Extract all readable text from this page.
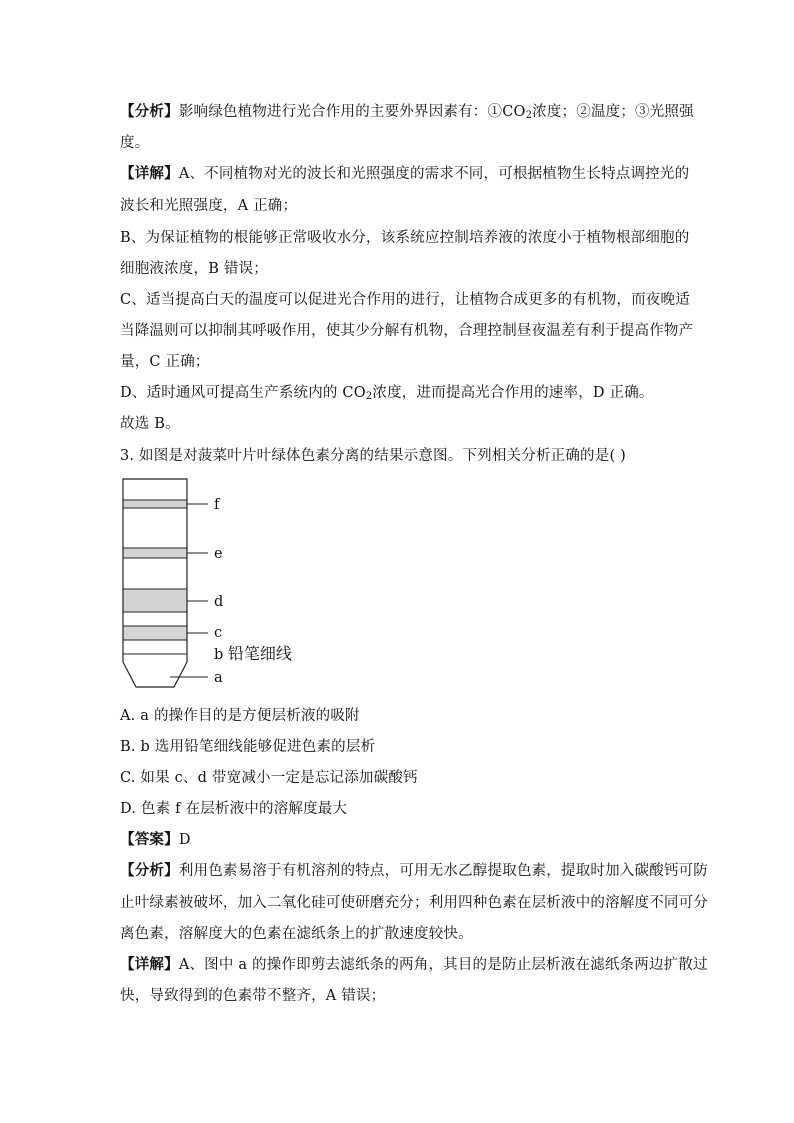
【分析】影响绿色植物进行光合作用的主要外界因素有：$①CO_2$浓度；②温度；③光照强
度。
【详解】A、不同植物对光的波长和光照强度的需求不同，可根据植物生长特点调控光的
波长和光照强度，A 正确；
B、为保证植物的根能够正常吸收水分，该系统应控制培养液的浓度小于植物根部细胞的
细胞液浓度，B 错误；
C、适当提高白天的温度可以促进光合作用的进行，让植物合成更多的有机物，而夜晚适
当降温则可以抑制其呼吸作用，使其少分解有机物，合理控制昼夜温差有利于提高作物产
量，C 正确；
D、适时通风可提高生产系统内的 $CO_2$浓度，进而提高光合作用的速率，D 正确。
故选 B。
3. 如图是对菠菜叶片叶绿体色素分离的结果示意图。下列相关分析正确的是( )
f
e
d
c
b 铅笔细线
a
A. a 的操作目的是方便层析液的吸附
B. b 选用铅笔细线能够促进色素的层析
C. 如果 c、d 带宽减小一定是忘记添加碳酸钙
D. 色素 f 在层析液中的溶解度最大
【答案】D
【分析】利用色素易溶于有机溶剂的特点，可用无水乙醇提取色素，提取时加入碳酸钙可防
止叶绿素被破坏，加入二氧化硅可使研磨充分；利用四种色素在层析液中的溶解度不同可分
离色素，溶解度大的色素在滤纸条上的扩散速度较快。
【详解】A、图中 a 的操作即剪去滤纸条的两角，其目的是防止层析液在滤纸条两边扩散过
快，导致得到的色素带不整齐，A 错误；
